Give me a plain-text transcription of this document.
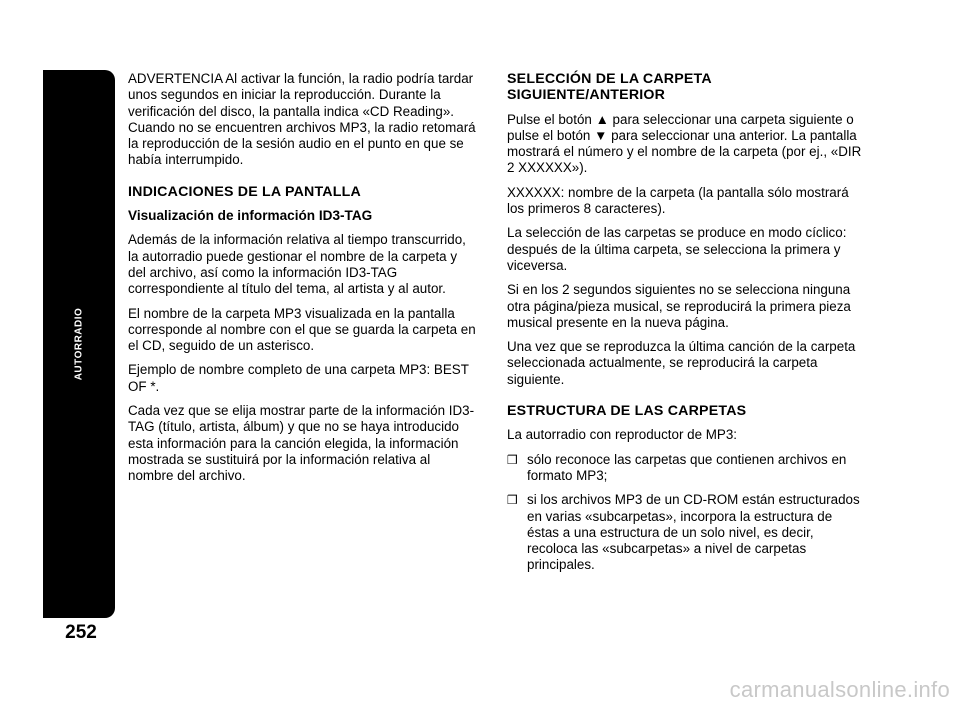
AUTORRADIO
252

ADVERTENCIA Al activar la función, la radio podría tardar unos segundos en iniciar la reproducción. Durante la verificación del disco, la pantalla indica «CD Reading». Cuando no se encuentren archivos MP3, la radio retomará la reproducción de la sesión audio en el punto en que se había interrumpido.

INDICACIONES DE LA PANTALLA
Visualización de información ID3-TAG

Además de la información relativa al tiempo transcurrido, la autorradio puede gestionar el nombre de la carpeta y del archivo, así como la información ID3-TAG correspondiente al título del tema, al artista y al autor.

El nombre de la carpeta MP3 visualizada en la pantalla corresponde al nombre con el que se guarda la carpeta en el CD, seguido de un asterisco.

Ejemplo de nombre completo de una carpeta MP3: BEST OF *.

Cada vez que se elija mostrar parte de la información ID3-TAG (título, artista, álbum) y que no se haya introducido esta información para la canción elegida, la información mostrada se sustituirá por la información relativa al nombre del archivo.

SELECCIÓN DE LA CARPETA SIGUIENTE/ANTERIOR

Pulse el botón ▲ para seleccionar una carpeta siguiente o pulse el botón ▼ para seleccionar una anterior. La pantalla mostrará el número y el nombre de la carpeta (por ej., «DIR 2 XXXXXX»).

XXXXXX: nombre de la carpeta (la pantalla sólo mostrará los primeros 8 caracteres).

La selección de las carpetas se produce en modo cíclico: después de la última carpeta, se selecciona la primera y viceversa.

Si en los 2 segundos siguientes no se selecciona ninguna otra página/pieza musical, se reproducirá la primera pieza musical presente en la nueva página.

Una vez que se reproduzca la última canción de la carpeta seleccionada actualmente, se reproducirá la carpeta siguiente.

ESTRUCTURA DE LAS CARPETAS

La autorradio con reproductor de MP3:

❒ sólo reconoce las carpetas que contienen archivos en formato MP3;
❒ si los archivos MP3 de un CD-ROM están estructurados en varias «subcarpetas», incorpora la estructura de éstas a una estructura de un solo nivel, es decir, recoloca las «subcarpetas» a nivel de carpetas principales.
carmanualsonline.info
